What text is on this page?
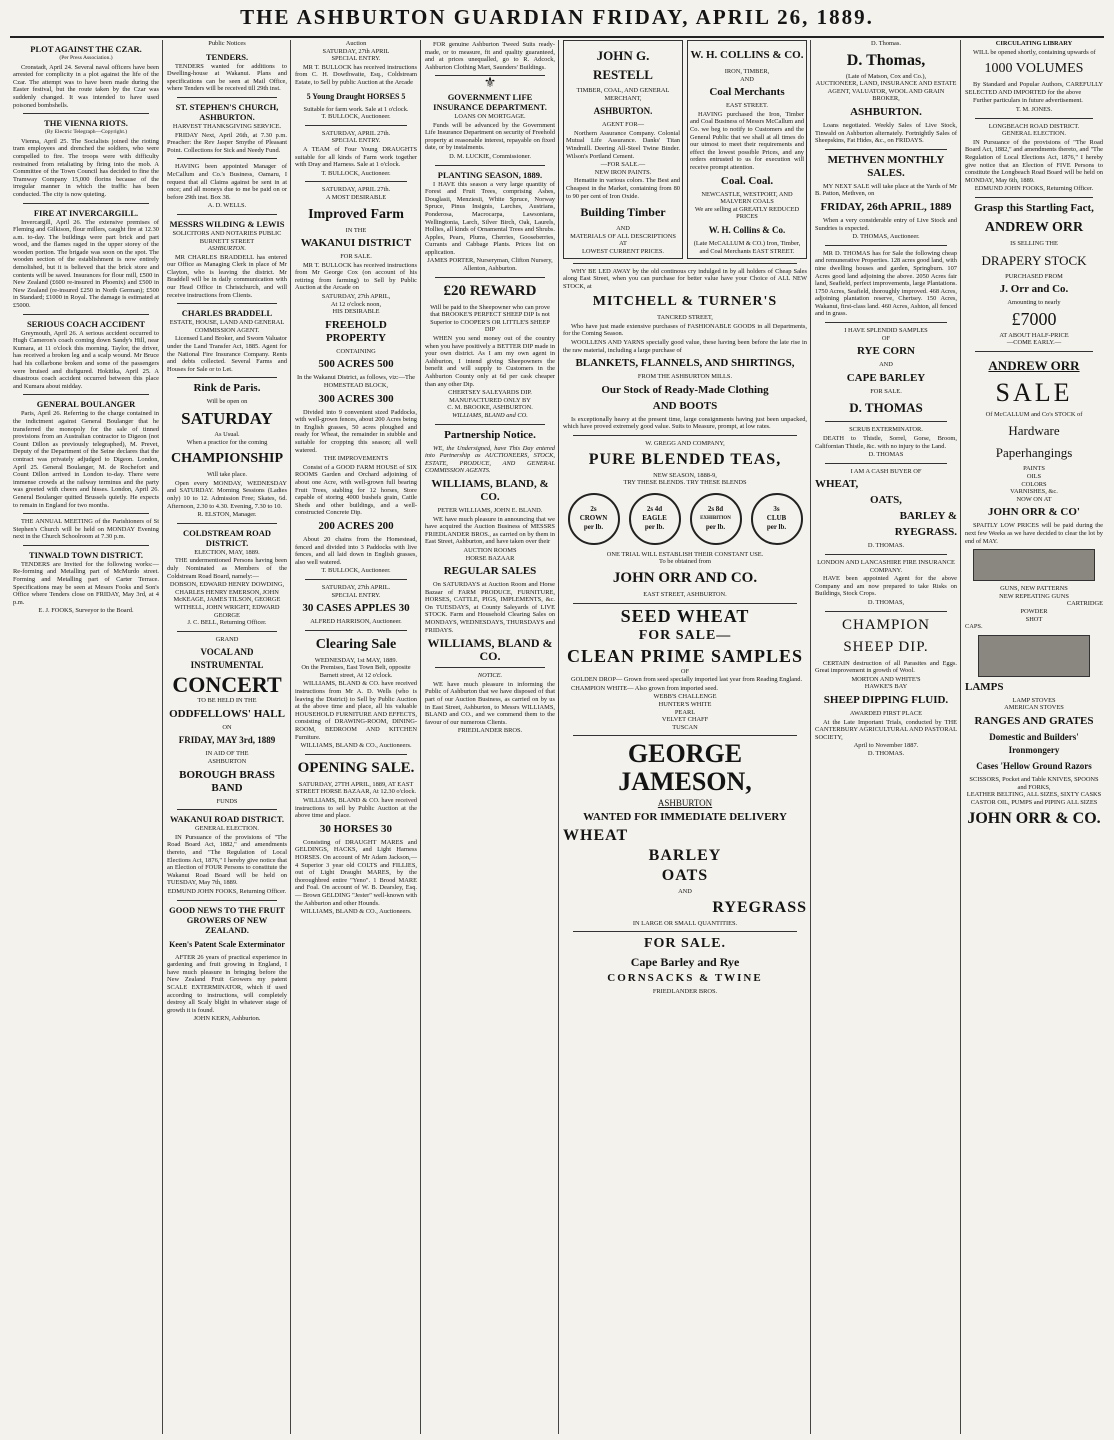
THE ASHBURTON GUARDIAN FRIDAY, APRIL 26, 1889.
PLOT AGAINST THE CZAR.
(Per Press Association.)
Cronstadt, April 24. Several naval officers have been arrested for complicity in a plot against the life of the Czar. The attempt was to have been made during the Easter festival, but the route taken by the Czar was suddenly changed. It was intended to have used poisoned bombshells.
THE VIENNA RIOTS.
(By Electric Telegraph—Copyright.)
Vienna, April 25. The Socialists joined the rioting tram employees and drenched the soldiers, who were compelled to fire. The troops were with difficulty restrained from retaliating by firing into the mob. A Committee of the Town Council has decided to fine the Tramway Company 15,000 florins because of the irregular manner in which the traffic has been conducted. The city is now quieting.
FIRE AT INVERCARGILL.
Invercargill, April 26. The extensive premises of Fleming and Gilkison, flour millers, caught fire at 12.30 a.m. to-day. The buildings were part brick and part wood, and the flames raged in the upper storey of the wooden portion. The brigade was soon on the spot. The wooden section of the establishment is now entirely demolished, but it is believed that the brick store and contents will be saved. Insurances for flour mill, £500 in New Zealand (£600 re-insured in Phoenix) and £500 in New Zealand (re-insured £250 in North German); £500 in Standard; £1000 in Royal. The damage is estimated at £5000.
SERIOUS COACH ACCIDENT
Greymouth, April 26. A serious accident occurred to Hugh Cameron's coach coming down Sandy's Hill, near Kumara, at 11 o'clock this morning. Taylor, the driver, has received a broken leg and a scalp wound. Mr Bruce had his collarbone broken and some of the passengers were bruised and disfigured. Hokitika, April 25. A disastrous coach accident occurred between this place and Kumara about midday.
GENERAL BOULANGER
Paris, April 26. Referring to the charge contained in the indictment against General Boulanger that he transferred the monopoly for the sale of tinned provisions from an Australian contractor to Digeon (not Count Dillon as previously telegraphed), M. Prevet, Deputy of the Department of the Seine declares that the contract was privately adjudged to Digeon. London, April 25. General Boulanger, M. de Rochefort and Count Dillon arrived in London to-day. There were immense crowds at the railway terminus and the party was greeted with cheers and hisses. London, April 26. General Boulanger quitted Brussels quietly. He expects to remain in England for two months.
THE ANNUAL MEETING of the Parishioners of St Stephen's Church will be held on MONDAY Evening next in the Church Schoolroom at 7.30 p.m.
TINWALD TOWN DISTRICT.
TENDERS are Invited for the following works:— Re-forming and Metalling part of McMurdo street. Forming and Metalling part of Carter Terrace. Specifications may be seen at Messrs Fooks and Son's Office where Tenders close on FRIDAY, May 3rd, at 4 p.m.
E. J. FOOKS, Surveyor to the Board.
Public Notices
TENDERS.
TENDERS wanted for additions to Dwelling-house at Wakanui. Plans and specifications can be seen at Mail Office, where Tenders will be received till 29th inst.
ST. STEPHEN'S CHURCH, ASHBURTON.
HARVEST THANKSGIVING SERVICE.
FRIDAY Next, April 26th, at 7.30 p.m. Preacher: the Rev Jasper Smythe of Pleasant Point. Collections for Sick and Needy Fund.
HAVING been appointed Manager of McCallum and Co.'s Business, Oamaru, I request that all Claims against be sent in at once; and all moneys due to me be paid on or before 29th inst. Box 38.
A. D. WELLS.
MESSRS WILDING & LEWIS
SOLICITORS AND NOTARIES PUBLIC
BURNETT STREET
ASHBURTON.
MR CHARLES BRADDELL has entered our Office as Managing Clerk in place of Mr Clayton, who is leaving the district. Mr Braddell will be in daily communication with our Head Office in Christchurch, and will receive instructions from Clients.
CHARLES BRADDELL
ESTATE, HOUSE, LAND AND GENERAL COMMISSION AGENT.
Licensed Land Broker, and Sworn Valuator under the Land Transfer Act, 1885. Agent for the National Fire Insurance Company. Rents and debts collected. Several Farms and Houses for Sale or to Let.
Rink de Paris.
Will be open on
SATURDAY
As Usual.
When a practice for the coming
CHAMPIONSHIP
Will take place.
Open every MONDAY, WEDNESDAY and SATURDAY. Morning Sessions (Ladies only) 10 to 12. Admission Free; Skates, 6d. Afternoon, 2.30 to 4.30. Evening, 7.30 to 10.
R. ELSTON, Manager.
COLDSTREAM ROAD DISTRICT.
ELECTION, MAY, 1889.
THE undermentioned Persons having been duly Nominated as Members of the Coldstream Road Board, namely:—
DOBSON, EDWARD HENRY DOWDING, CHARLES HENRY EMERSON, JOHN McKEAGE, JAMES TILSON, GEORGE WITHELL, JOHN WRIGHT, EDWARD GEORGE
J. C. BELL, Returning Officer.
GRAND
VOCAL AND INSTRUMENTAL
CONCERT
TO BE HELD IN THE
ODDFELLOWS' HALL
ON
FRIDAY, MAY 3rd, 1889
IN AID OF THE
ASHBURTON
BOROUGH BRASS BAND
FUNDS
WAKANUI ROAD DISTRICT.
GENERAL ELECTION.
IN Pursuance of the provisions of "The Road Board Act, 1882," and amendments thereto, and "The Regulation of Local Elections Act, 1876," I hereby give notice that an Election of FOUR Persons to constitute the Wakanui Road Board will be held on TUESDAY, May 7th, 1889.
EDMUND JOHN FOOKS, Returning Officer.
GOOD NEWS TO THE FRUIT GROWERS OF NEW ZEALAND.
Keen's Patent Scale Exterminator
AFTER 26 years of practical experience in gardening and fruit growing in England, I have much pleasure in bringing before the New Zealand Fruit Growers my patent SCALE EXTERMINATOR, which if used according to instructions, will completely destroy all Scaly blight in whatever stage of growth it is found.
JOHN KERN, Ashburton.
Auction
SATURDAY, 27th APRIL
SPECIAL ENTRY.
MR T. BULLOCK has received instructions from C. H. Dowthwaite, Esq., Coldstream Estate, to Sell by public Auction at the Arcade
5 Young Draught HORSES 5
Suitable for farm work. Sale at 1 o'clock.
T. BULLOCK, Auctioneer.
SATURDAY, APRIL 27th.
SPECIAL ENTRY.
A TEAM of Four Young DRAUGHTS suitable for all kinds of Farm work together with Dray and Harness. Sale at 1 o'clock.
T. BULLOCK, Auctioneer.
SATURDAY, APRIL 27th.
A MOST DESIRABLE
Improved Farm
IN THE
WAKANUI DISTRICT
FOR SALE.
MR T. BULLOCK has received instructions from Mr George Cox (on account of his retiring from farming) to Sell by Public Auction at the Arcade on
SATURDAY, 27th APRIL,
At 12 o'clock noon,
HIS DESIRABLE
FREEHOLD PROPERTY
CONTAINING
500 ACRES 500
In the Wakanui District, as follows, viz:—The HOMESTEAD BLOCK,
300 ACRES 300
Divided into 9 convenient sized Paddocks, with well-grown fences, about 200 Acres being in English grasses, 50 acres ploughed and ready for Wheat, the remainder in stubble and suitable for cropping this season; all well watered.
THE IMPROVEMENTS
Consist of a GOOD FARM HOUSE of SIX ROOMS Garden and Orchard adjoining of about one Acre, with well-grown full bearing Fruit Trees, stabling for 12 horses, Store capable of storing 4000 bushels grain, Cattle Sheds and other buildings, and a well-constructed Concrete Dip.
200 ACRES 200
About 20 chains from the Homestead, fenced and divided into 3 Paddocks with live fences, and all laid down in English grasses, also well watered.
T. BULLOCK, Auctioneer.
SATURDAY, 27th APRIL.
SPECIAL ENTRY.
30 CASES APPLES 30
ALFRED HARRISON, Auctioneer.
Clearing Sale
WEDNESDAY, 1st MAY, 1889.
On the Premises, East Town Belt, opposite Barnett street, At 12 o'clock.
WILLIAMS, BLAND & CO. have received instructions from Mr A. D. Wells (who is leaving the District) to Sell by Public Auction at the above time and place, all his valuable HOUSEHOLD FURNITURE AND EFFECTS, consisting of DRAWING-ROOM, DINING-ROOM, BEDROOM AND KITCHEN Furniture.
WILLIAMS, BLAND & CO., Auctioneers.
OPENING SALE.
SATURDAY, 27TH APRIL, 1889, AT EAST STREET HORSE BAZAAR, At 12.30 o'clock.
WILLIAMS, BLAND & CO. have received instructions to sell by Public Auction at the above time and place.
30 HORSES 30
Consisting of DRAUGHT MARES and GELDINGS, HACKS, and Light Harness HORSES. On account of Mr Adam Jackson,— 4 Superior 3 year old COLTS and FILLIES, out of Light Draught MARES, by the thoroughbred entire "Yeno". 1 Brood MARE and Foal. On account of W. B. Dearsley, Esq.— Brown GELDING "Jester" well-known with the Ashburton and other Hounds.
WILLIAMS, BLAND & CO., Auctioneers.
FOR genuine Ashburton Tweed Suits ready-made, or to measure, fit and quality guaranteed, and at prices unequalled, go to R. Adcock, Ashburton Clothing Mart, Saunders' Buildings.
⚜
GOVERNMENT LIFE INSURANCE DEPARTMENT.
LOANS ON MORTGAGE.
Funds will be advanced by the Government Life Insurance Department on security of Freehold property at reasonable interest, repayable on fixed date, or by instalments.
D. M. LUCKIE, Commissioner.
PLANTING SEASON, 1889.
I HAVE this season a very large quantity of Forest and Fruit Trees, comprising Ashes, Douglasii, Menziesii, White Spruce, Norway Spruce, Pinus Insignis, Larches, Austrians, Ponderosa, Macrocarpa, Lawsonians, Wellingtonia, Larch, Silver Birch, Oak, Laurels, Hollies, all kinds of Ornamental Trees and Shrubs. Apples, Pears, Plums, Cherries, Gooseberries, Currants and Cabbage Plants. Prices list on application.
JAMES PORTER, Nurseryman, Clifton Nursery, Allenton, Ashburton.
£20 REWARD
Will be paid to the Sheepowner who can prove that BROOKE'S PERFECT SHEEP DIP Is not Superior to COOPER'S OR LITTLE'S SHEEP DIP
WHEN you send money out of the country when you have positively a BETTER DIP made in your own district. As I am my own agent in Ashburton, I intend giving Sheepowners the benefit and will supply to Customers in the Ashburton County only at 6d per cask cheaper than any other Dip.
CHERTSEY SALEYARDS DIP.
MANUFACTURED ONLY BY
C. M. BROOKE, ASHBURTON.
WILLIAMS, BLAND and CO.
Partnership Notice.
WE, the Undersigned, have This Day entered into Partnership as AUCTIONEERS, STOCK, ESTATE, PRODUCE, AND GENERAL COMMISSION AGENTS.
WILLIAMS, BLAND, & CO.
PETER WILLIAMS, JOHN E. BLAND.
WE have much pleasure in announcing that we have acquired the Auction Business of MESSRS FRIEDLANDER BROS., as carried on by them in East Street, Ashburton, and have taken over their
AUCTION ROOMS
HORSE BAZAAR
REGULAR SALES
On SATURDAYS at Auction Room and Horse Bazaar of FARM PRODUCE, FURNITURE, HORSES, CATTLE, PIGS, IMPLEMENTS, &c. On TUESDAYS, at County Saleyards of LIVE STOCK. Farm and Household Clearing Sales on MONDAYS, WEDNESDAYS, THURSDAYS and FRIDAYS.
WILLIAMS, BLAND & CO.
NOTICE.
WE have much pleasure in informing the Public of Ashburton that we have disposed of that part of our Auction Business, as carried on by us in East Street, Ashburton, to Messrs WILLIAMS, BLAND and CO., and we commend them to the favour of our numerous Clients.
FRIEDLANDER BROS.
JOHN G. RESTELL
TIMBER, COAL, AND GENERAL
MERCHANT,
ASHBURTON.
AGENT FOR—
Northern Assurance Company. Colonial Mutual Life Assurance. Danks' Titan Windmill. Deering All-Steel Twine Binder. Wilson's Portland Cement.
—FOR SALE.—
NEW IRON PAINTS.
Hematite in various colors. The Best and Cheapest in the Market, containing from 80 to 90 per cent of Iron Oxide.
Building Timber
AND
MATERIALS OF ALL DESCRIPTIONS
AT
LOWEST CURRENT PRICES.
W. H. COLLINS & CO.
IRON, TIMBER,
AND
Coal Merchants
EAST STREET.
HAVING purchased the Iron, Timber and Coal Business of Messrs McCallum and Co. we beg to notify to Customers and the General Public that we shall at all times do our utmost to meet their requirements and effect the lowest possible Prices, and any orders entrusted to us for execution will receive prompt attention.
Coal. Coal.
NEWCASTLE, WESTPORT, AND MALVERN COALS
We are selling at GREATLY REDUCED PRICES
W. H. Collins & Co.
(Late McCALLUM & CO.) Iron, Timber, and Coal Merchants EAST STREET.
WHY BE LED AWAY by the old continous cry indulged in by all holders of Cheap Sales along East Street, when you can purchase for better value have your Choice of ALL NEW STOCK, at
MITCHELL & TURNER'S
TANCRED STREET,
Who have just made extensive purchases of FASHIONABLE GOODS in all Departments, for the Coming Season.
WOOLLENS AND YARNS specially good value, these having been before the late rise in the raw material, including a large purchase of
BLANKETS, FLANNELS, AND SHIRTINGS,
FROM THE ASHBURTON MILLS.
Our Stock of Ready-Made Clothing
AND BOOTS
Is exceptionally heavy at the present time, large consignments having just been unpacked, which have proved extremely good value. Suits to Measure, prompt, at low rates.
W. GREGG AND COMPANY,
PURE BLENDED TEAS,
NEW SEASON, 1888-9,
TRY THESE BLENDS. TRY THESE BLENDS
2s
CROWN
per lb.
2s 4d
EAGLE
per lb.
2s 8d
EXHIBITION
per lb.
3s
CLUB
per lb.
ONE TRIAL WILL ESTABLISH THEIR CONSTANT USE.
To be obtained from
JOHN ORR AND CO.
EAST STREET, ASHBURTON.
SEED WHEAT
FOR SALE—
CLEAN PRIME SAMPLES
OF
GOLDEN DROP— Grown from seed specially imported last year from Reading England.
CHAMPION WHITE— Also grown from imported seed.
WEBB'S CHALLENGE
HUNTER'S WHITE
PEARL
VELVET CHAFF
TUSCAN
GEORGE JAMESON,
ASHBURTON
WANTED FOR IMMEDIATE DELIVERY
WHEAT
BARLEY
OATS
AND
RYEGRASS
IN LARGE OR SMALL QUANTITIES.
FOR SALE.
Cape Barley and Rye
CORNSACKS & TWINE
FRIEDLANDER BROS.
D. Thomas.
D. Thomas,
(Late of Matson, Cox and Co.),
AUCTIONEER, LAND, INSURANCE AND ESTATE AGENT, VALUATOR, WOOL AND GRAIN BROKER,
ASHBURTON.
Loans negotiated. Weekly Sales of Live Stock, Tinwald on Ashburton alternately. Fortnightly Sales of Sheepskins, Fat Hides, &c., on FRIDAYS.
METHVEN MONTHLY SALES.
MY NEXT SALE will take place at the Yards of Mr B. Patton, Methven, on
FRIDAY, 26th APRIL, 1889
When a very considerable entry of Live Stock and Sundries is expected.
D. THOMAS, Auctioneer.
MR D. THOMAS has for Sale the following cheap and remunerative Properties. 128 acres good land, with nine dwelling houses and garden, Springburn. 107 Acres good land adjoining the above. 2050 Acres fair land, Seafield, perfect improvements, large Plantations. 1750 Acres, Seafield, thoroughly improved. 468 Acres, adjoining plantation reserve, Chertsey. 150 Acres, Wakanui, first-class land. 460 Acres, Ashton, all fenced and in grass.
I HAVE SPLENDID SAMPLES
OF
RYE CORN
AND
CAPE BARLEY
FOR SALE.
D. THOMAS
SCRUB EXTERMINATOR.
DEATH to Thistle, Sorrel, Gorse, Broom, Californian Thistle, &c. with no injury to the Land.
D. THOMAS
I AM A CASH BUYER OF
WHEAT,
OATS,
BARLEY &
RYEGRASS.
D. THOMAS.
LONDON AND LANCASHIRE FIRE INSURANCE COMPANY.
HAVE been appointed Agent for the above Company and am now prepared to take Risks on Buildings, Stock Crops.
D. THOMAS,
CHAMPION
SHEEP DIP.
CERTAIN destruction of all Parasites and Eggs. Great improvement in growth of Wool.
MORTON AND WHITE'S
HAWKE'S BAY
SHEEP DIPPING FLUID.
AWARDED FIRST PLACE
At the Late Important Trials, conducted by THE CANTERBURY AGRICULTURAL AND PASTORAL SOCIETY,
April to November 1887.
D. THOMAS.
CIRCULATING LIBRARY
WILL be opened shortly, containing upwards of
1000 VOLUMES
By Standard and Popular Authors, CAREFULLY SELECTED AND IMPORTED for the above
Further particulars in future advertisement.
T. M. JONES.
LONGBEACH ROAD DISTRICT.
GENERAL ELECTION.
IN Pursuance of the provisions of "The Road Board Act, 1882," and amendments thereto, and "The Regulation of Local Elections Act, 1876," I hereby give notice that an Election of FIVE Persons to constitute the Longbeach Road Board will be held on MONDAY, May 6th, 1889.
EDMUND JOHN FOOKS, Returning Officer.
Grasp this Startling Fact,
ANDREW ORR
IS SELLING THE
DRAPERY STOCK
PURCHASED FROM
J. Orr and Co.
Amounting to nearly
£7000
AT ABOUT HALF-PRICE
—COME EARLY.—
ANDREW ORR
SALE
Of McCALLUM and Co's STOCK of
Hardware
Paperhangings
PAINTS
OILS
COLORS
VARNISHES, &c.
NOW ON AT
JOHN ORR & CO'
SPAITLY LOW PRICES will be paid during the next few Weeks as we have decided to clear the lot by end of MAY.
GUNS, NEW PATTERNS
NEW REPEATING GUNS
CARTRIDGE
POWDER
SHOT
CAPS.
LAMPS
LAMP STOVES
AMERICAN STOVES
RANGES AND GRATES
Domestic and Builders' Ironmongery
Cases 'Hellow Ground Razors
SCISSORS, Pocket and Table KNIVES, SPOONS and FORKS,
LEATHER BELTING, ALL SIZES, SIXTY CASKS CASTOR OIL, PUMPS and PIPING ALL SIZES
JOHN ORR & CO.
